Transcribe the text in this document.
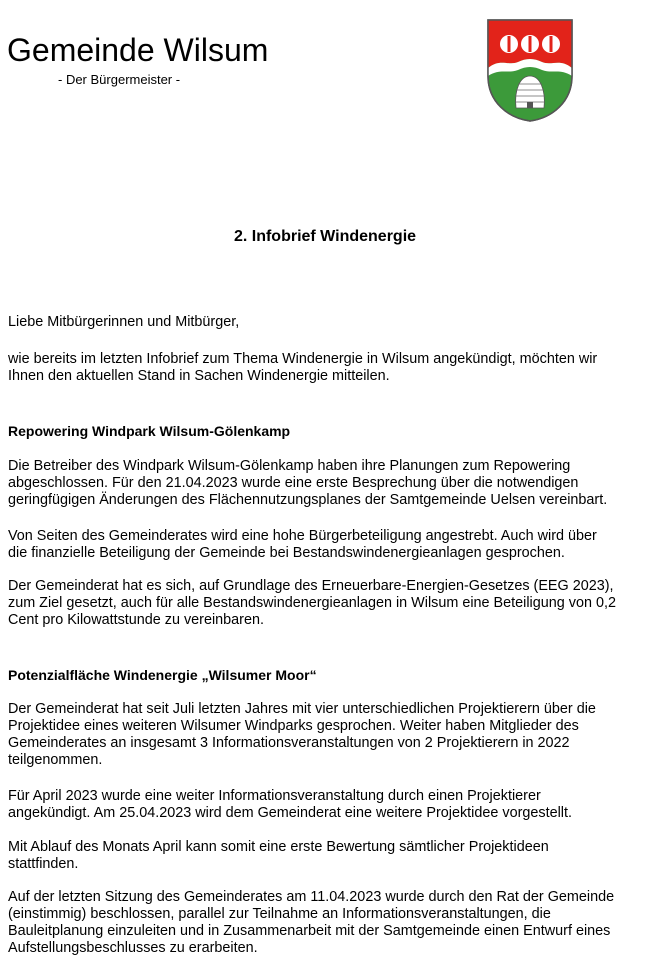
Gemeinde Wilsum
- Der Bürgermeister -
2. Infobrief Windenergie

Liebe Mitbürgerinnen und Mitbürger,

wie bereits im letzten Infobrief zum Thema Windenergie in Wilsum angekündigt, möchten wir
Ihnen den aktuellen Stand in Sachen Windenergie mitteilen.

Repowering Windpark Wilsum-Gölenkamp

Die Betreiber des Windpark Wilsum-Gölenkamp haben ihre Planungen zum Repowering
abgeschlossen. Für den 21.04.2023 wurde eine erste Besprechung über die notwendigen
geringfügigen Änderungen des Flächennutzungsplanes der Samtgemeinde Uelsen vereinbart.

Von Seiten des Gemeinderates wird eine hohe Bürgerbeteiligung angestrebt. Auch wird über
die finanzielle Beteiligung der Gemeinde bei Bestandswindenergieanlagen gesprochen.

Der Gemeinderat hat es sich, auf Grundlage des Erneuerbare-Energien-Gesetzes (EEG 2023),
zum Ziel gesetzt, auch für alle Bestandswindenergieanlagen in Wilsum eine Beteiligung von 0,2
Cent pro Kilowattstunde zu vereinbaren.

Potenzialfläche Windenergie „Wilsumer Moor“

Der Gemeinderat hat seit Juli letzten Jahres mit vier unterschiedlichen Projektierern über die
Projektidee eines weiteren Wilsumer Windparks gesprochen. Weiter haben Mitglieder des
Gemeinderates an insgesamt 3 Informationsveranstaltungen von 2 Projektierern in 2022
teilgenommen.

Für April 2023 wurde eine weiter Informationsveranstaltung durch einen Projektierer
angekündigt. Am 25.04.2023 wird dem Gemeinderat eine weitere Projektidee vorgestellt.

Mit Ablauf des Monats April kann somit eine erste Bewertung sämtlicher Projektideen
stattfinden.

Auf der letzten Sitzung des Gemeinderates am 11.04.2023 wurde durch den Rat der Gemeinde
(einstimmig) beschlossen, parallel zur Teilnahme an Informationsveranstaltungen, die
Bauleitplanung einzuleiten und in Zusammenarbeit mit der Samtgemeinde einen Entwurf eines
Aufstellungsbeschlusses zu erarbeiten.
